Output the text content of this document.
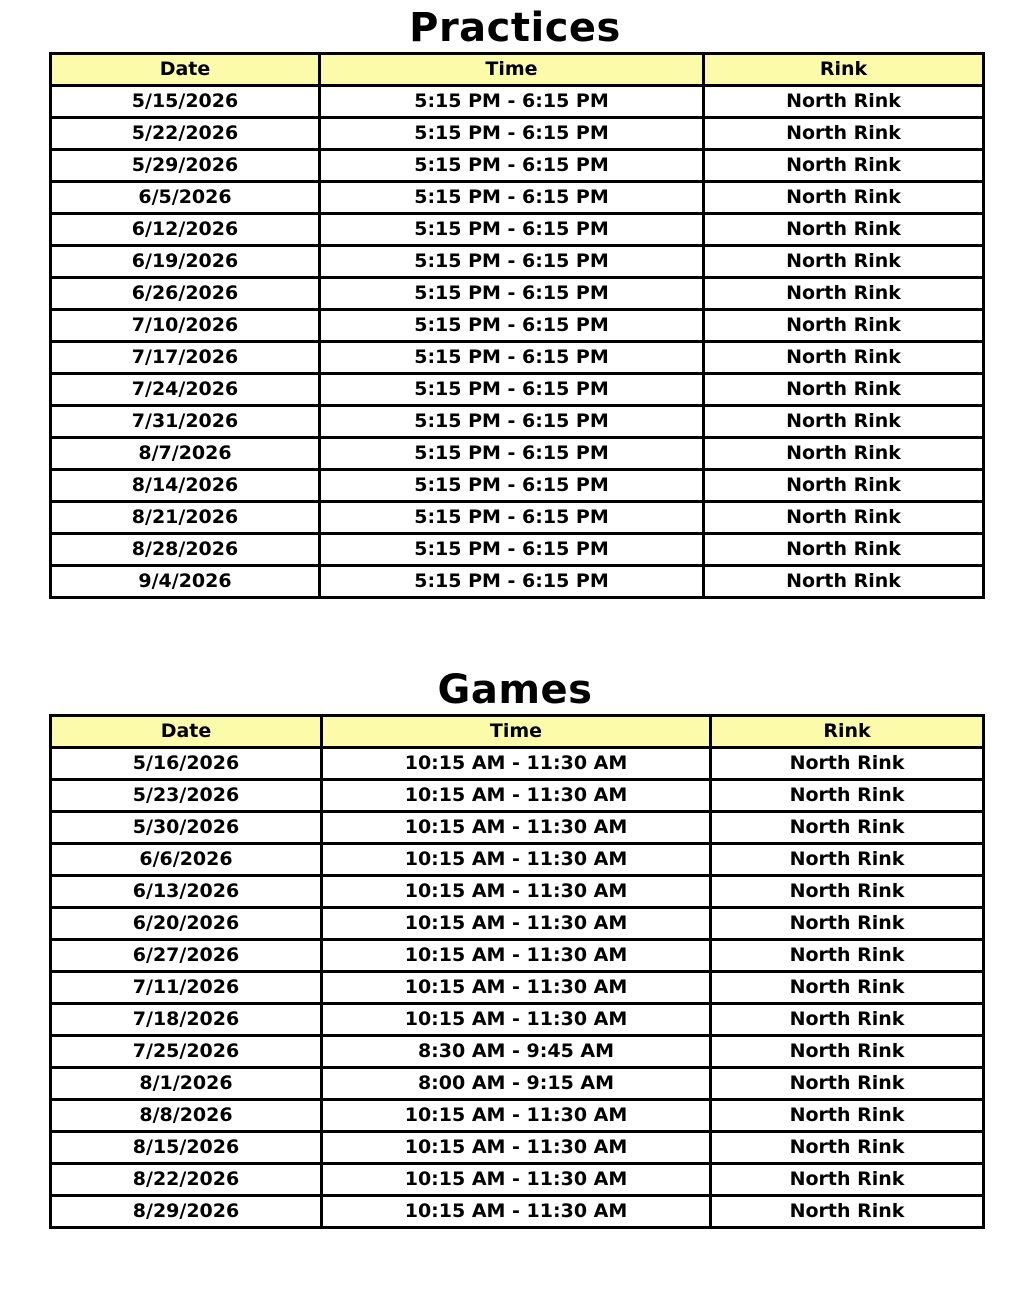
Practices
Date	Time	Rink
5/15/2026	5:15 PM - 6:15 PM	North Rink
5/22/2026	5:15 PM - 6:15 PM	North Rink
5/29/2026	5:15 PM - 6:15 PM	North Rink
6/5/2026	5:15 PM - 6:15 PM	North Rink
6/12/2026	5:15 PM - 6:15 PM	North Rink
6/19/2026	5:15 PM - 6:15 PM	North Rink
6/26/2026	5:15 PM - 6:15 PM	North Rink
7/10/2026	5:15 PM - 6:15 PM	North Rink
7/17/2026	5:15 PM - 6:15 PM	North Rink
7/24/2026	5:15 PM - 6:15 PM	North Rink
7/31/2026	5:15 PM - 6:15 PM	North Rink
8/7/2026	5:15 PM - 6:15 PM	North Rink
8/14/2026	5:15 PM - 6:15 PM	North Rink
8/21/2026	5:15 PM - 6:15 PM	North Rink
8/28/2026	5:15 PM - 6:15 PM	North Rink
9/4/2026	5:15 PM - 6:15 PM	North Rink
Games
Date	Time	Rink
5/16/2026	10:15 AM - 11:30 AM	North Rink
5/23/2026	10:15 AM - 11:30 AM	North Rink
5/30/2026	10:15 AM - 11:30 AM	North Rink
6/6/2026	10:15 AM - 11:30 AM	North Rink
6/13/2026	10:15 AM - 11:30 AM	North Rink
6/20/2026	10:15 AM - 11:30 AM	North Rink
6/27/2026	10:15 AM - 11:30 AM	North Rink
7/11/2026	10:15 AM - 11:30 AM	North Rink
7/18/2026	10:15 AM - 11:30 AM	North Rink
7/25/2026	8:30 AM - 9:45 AM	North Rink
8/1/2026	8:00 AM - 9:15 AM	North Rink
8/8/2026	10:15 AM - 11:30 AM	North Rink
8/15/2026	10:15 AM - 11:30 AM	North Rink
8/22/2026	10:15 AM - 11:30 AM	North Rink
8/29/2026	10:15 AM - 11:30 AM	North Rink
